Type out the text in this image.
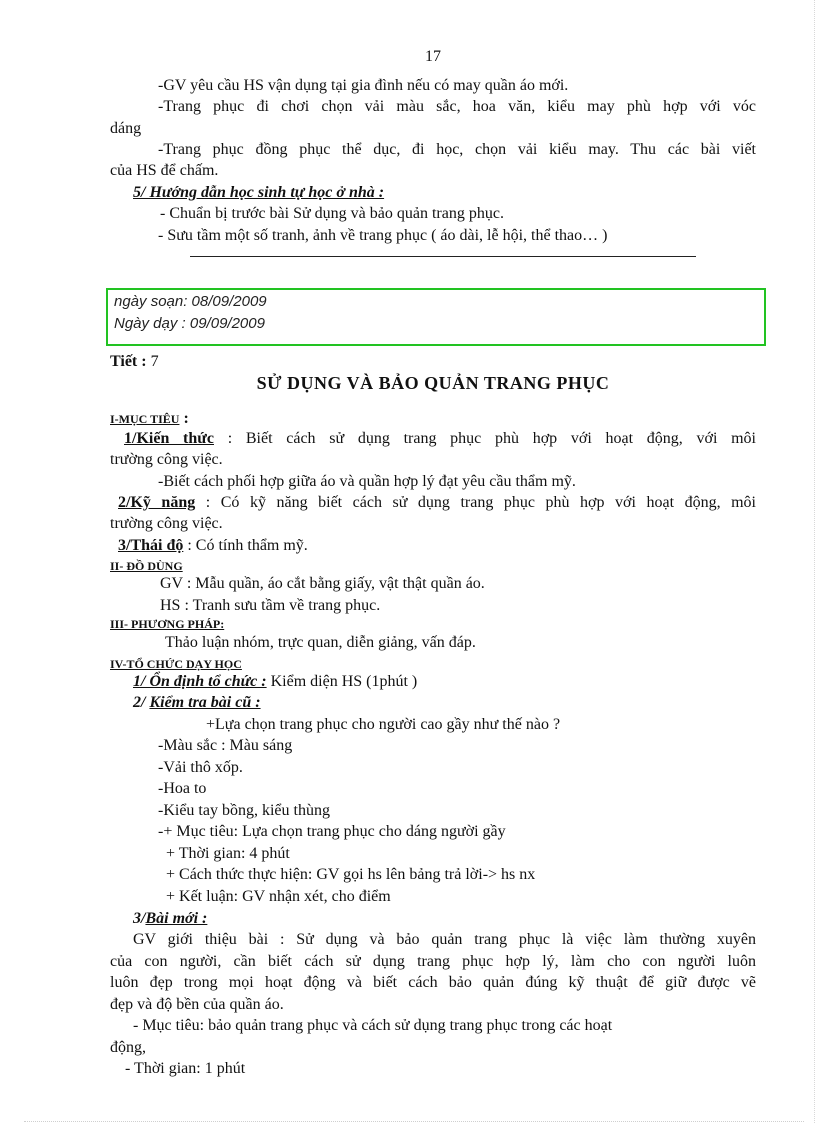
17
-GV yêu cầu HS vận dụng tại gia đình nếu có may quần áo mới.
-Trang phục đi chơi chọn vải màu sắc, hoa văn, kiểu may phù hợp với vóc
dáng
-Trang phục đồng phục thể dục, đi học, chọn vải kiểu may. Thu các bài viết
của HS để chấm.
5/ Hướng dẫn học sinh tự học ở nhà :
- Chuẩn bị trước bài Sử dụng và bảo quản trang phục.
- Sưu tầm một số tranh, ảnh về trang phục ( áo dài, lễ hội, thể thao… )
ngày soạn: 08/09/2009
Ngày dạy : 09/09/2009
Tiết : 7
SỬ DỤNG VÀ BẢO QUẢN TRANG PHỤC
I-MỤC TIÊU :
1/Kiến thức : Biết cách sử dụng trang phục phù hợp với hoạt động, với môi
trường công việc.
-Biết cách phối hợp giữa áo và quần hợp lý đạt yêu cầu thẩm mỹ.
2/Kỹ năng : Có kỹ năng biết cách sử dụng trang phục phù hợp với hoạt động, môi
trường công việc.
3/Thái độ : Có tính thẩm mỹ.
II- ĐỒ DÙNG
GV : Mẫu quần, áo cắt bằng giấy, vật thật quần áo.
HS : Tranh sưu tầm về trang phục.
III- PHƯƠNG PHÁP:
Thảo luận nhóm, trực quan, diễn giảng, vấn đáp.
IV-TỔ CHỨC DẠY HỌC
1/ Ổn định tổ chức : Kiểm diện HS (1phút )
2/ Kiểm tra bài cũ :
+Lựa chọn trang phục cho người cao gầy như thế nào ?
-Màu sắc : Màu sáng
-Vải thô xốp.
-Hoa to
-Kiểu tay bồng, kiểu thùng
-+ Mục tiêu: Lựa chọn trang phục cho dáng người gầy
+ Thời gian: 4 phút
+ Cách thức thực hiện: GV gọi hs lên bảng trả lời-> hs nx
+ Kết luận: GV nhận xét, cho điểm
3/Bài mới :
GV giới thiệu bài : Sử dụng và bảo quản trang phục là việc làm thường xuyên
của con người, cần biết cách sử dụng trang phục hợp lý, làm cho con người luôn
luôn đẹp trong mọi hoạt động và biết cách bảo quản đúng kỹ thuật để giữ được vẽ
đẹp và độ bền của quần áo.
- Mục tiêu: bảo quản trang phục và cách sử dụng trang phục trong các hoạt
động,
- Thời gian: 1 phút
